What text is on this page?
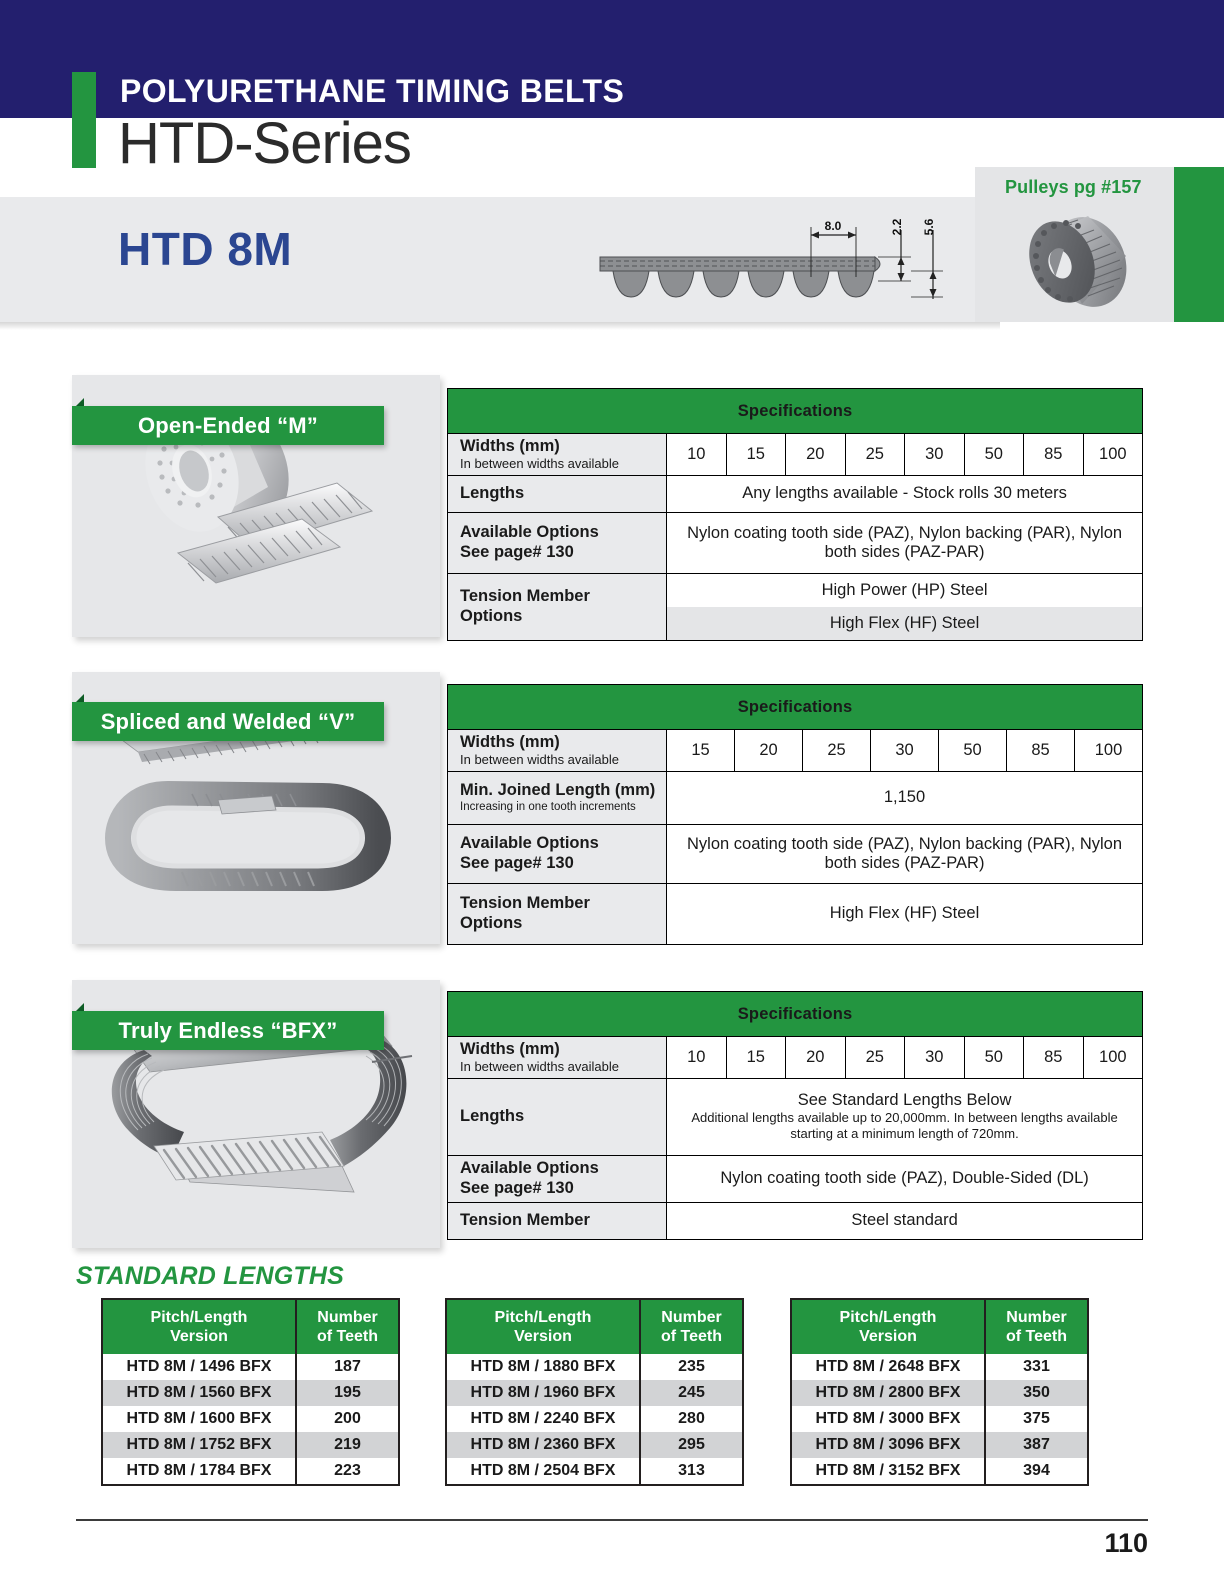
POLYURETHANE TIMING BELTS
HTD-Series
HTD 8M	8.0	2.2 5.6
Pulleys pg #157
Open-Ended “M”
Specifications								
Widths (mm)
In between widths available	10	15	20	25	30	50	85	100
Lengths	Any lengths available - Stock rolls 30 meters							
Available Options
See page# 130	Nylon coating tooth side (PAZ), Nylon backing (PAR), Nylon both sides (PAZ-PAR)							
Tension Member
Options	High Power (HP) Steel							
	High Flex (HF) Steel							
Spliced and Welded “V”
Specifications							
Widths (mm)
In between widths available	15	20	25	30	50	85	100
Min. Joined Length (mm)
Increasing in one tooth increments	1,150						
Available Options
See page# 130	Nylon coating tooth side (PAZ), Nylon backing (PAR), Nylon both sides (PAZ-PAR)						
Tension Member
Options	High Flex (HF) Steel						
Truly Endless “BFX”
Specifications								
Widths (mm)
In between widths available	10	15	20	25	30	50	85	100
Lengths	See Standard Lengths Below
Additional lengths available up to 20,000mm. In between lengths available starting at a minimum length of 720mm.							

Available Options
See page# 130	Nylon coating tooth side (PAZ), Double-Sided (DL)							
Tension Member	Steel standard							
STANDARD LENGTHS
Pitch/Length
Version	Number
of Teeth
HTD 8M / 1496 BFX	187
HTD 8M / 1560 BFX	195
HTD 8M / 1600 BFX	200
HTD 8M / 1752 BFX	219
HTD 8M / 1784 BFX	223
Pitch/Length
Version	Number
of Teeth
HTD 8M / 1880 BFX	235
HTD 8M / 1960 BFX	245
HTD 8M / 2240 BFX	280
HTD 8M / 2360 BFX	295
HTD 8M / 2504 BFX	313
Pitch/Length
Version	Number
of Teeth
HTD 8M / 2648 BFX	331
HTD 8M / 2800 BFX	350
HTD 8M / 3000 BFX	375
HTD 8M / 3096 BFX	387
HTD 8M / 3152 BFX	394
110
